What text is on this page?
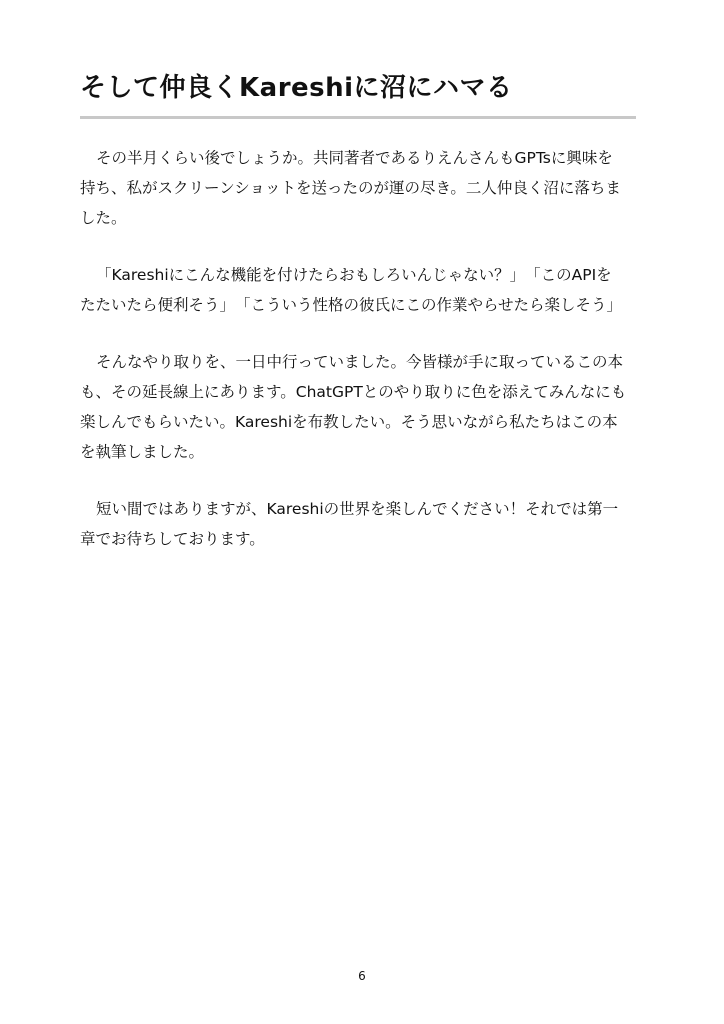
そして仲良くKareshiに沼にハマる

その半月くらい後でしょうか。共同著者であるりえんさんもGPTsに興味を
持ち、私がスクリーンショットを送ったのが運の尽き。二人仲良く沼に落ちま
した。

「Kareshiにこんな機能を付けたらおもしろいんじゃない？」　「このAPIを
たたいたら便利そう」　「こういう性格の彼氏にこの作業やらせたら楽しそう」

そんなやり取りを、一日中行っていました。今皆様が手に取っているこの本
も、その延長線上にあります。ChatGPTとのやり取りに色を添えてみんなにも
楽しんでもらいたい。Kareshiを布教したい。そう思いながら私たちはこの本
を執筆しました。

短い間ではありますが、Kareshiの世界を楽しんでください！それでは第一
章でお待ちしております。

6
